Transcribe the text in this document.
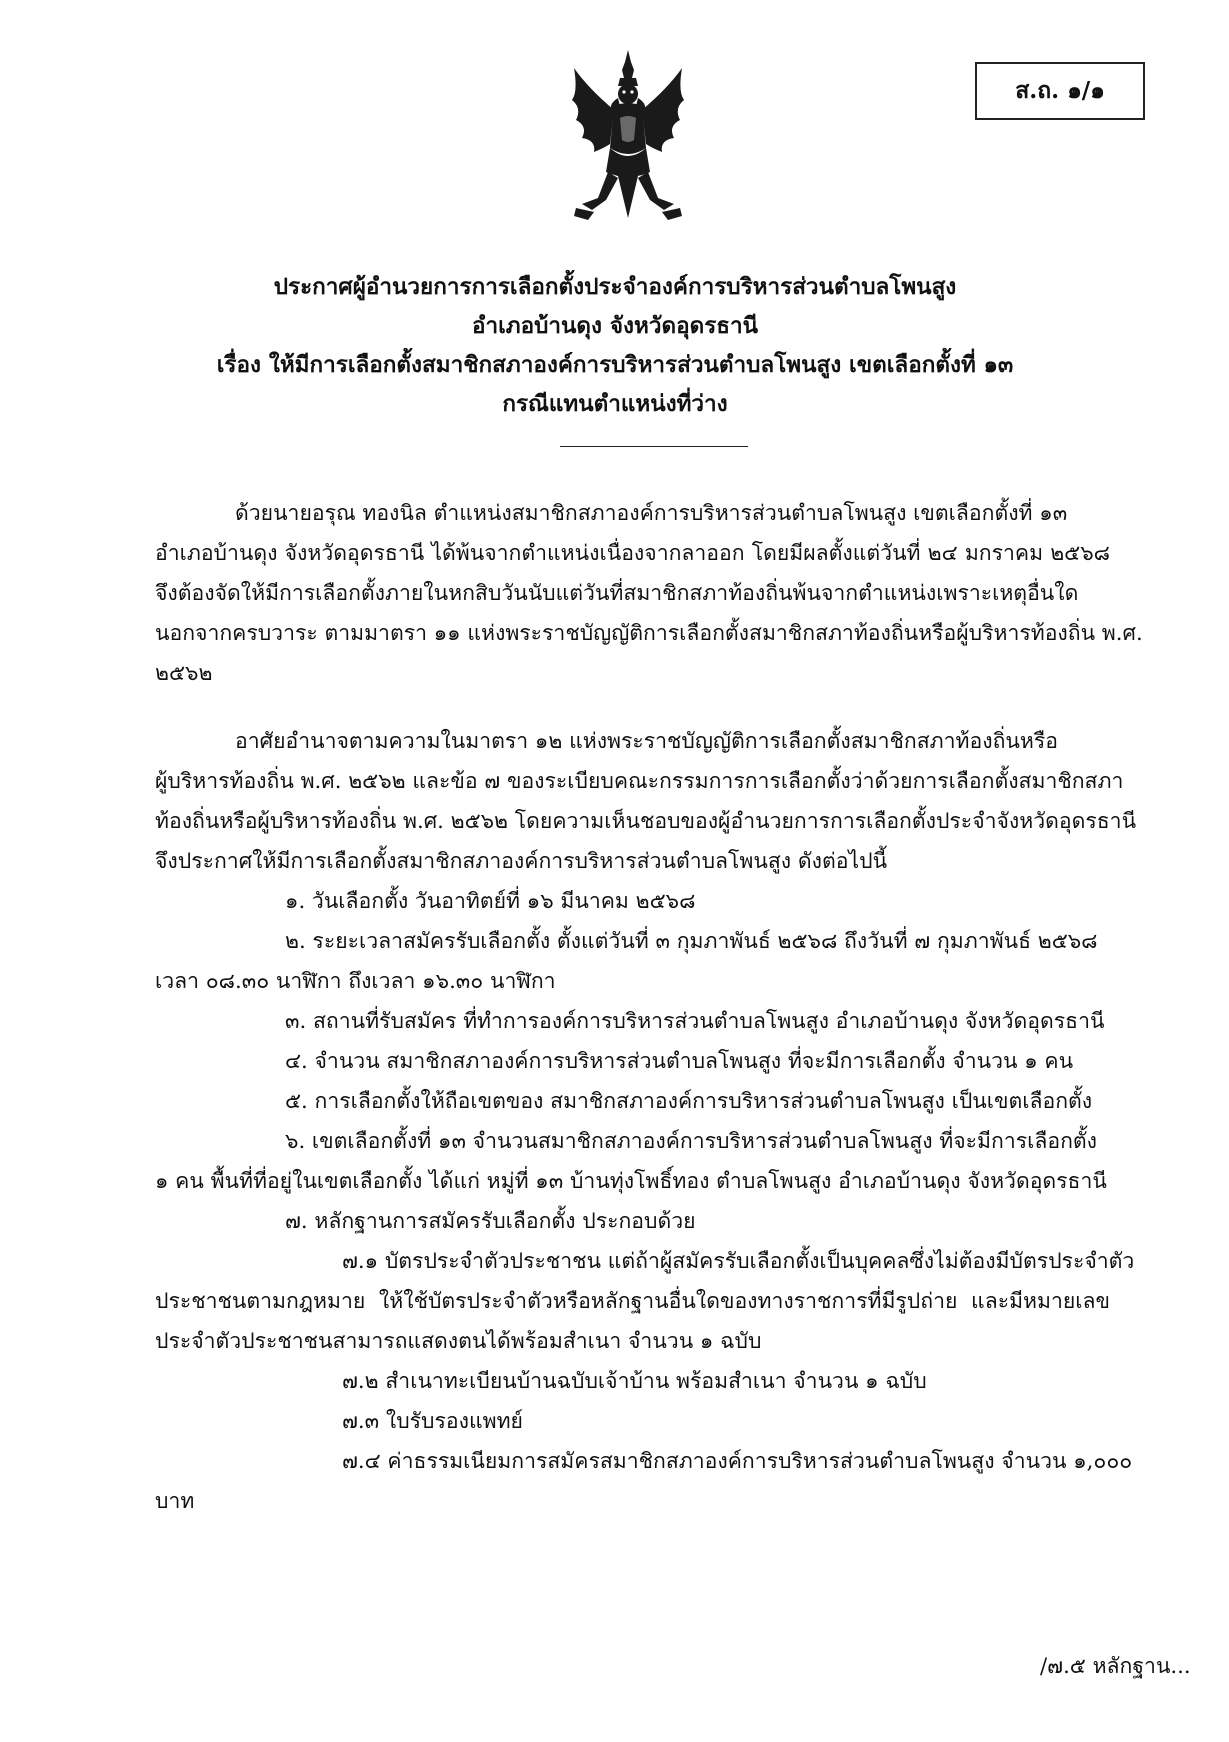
ส.ถ. ๑/๑
ประกาศผู้อำนวยการการเลือกตั้งประจำองค์การบริหารส่วนตำบลโพนสูง
อำเภอบ้านดุง จังหวัดอุดรธานี
เรื่อง ให้มีการเลือกตั้งสมาชิกสภาองค์การบริหารส่วนตำบลโพนสูง เขตเลือกตั้งที่ ๑๓
กรณีแทนตำแหน่งที่ว่าง
ด้วยนายอรุณ ทองนิล ตำแหน่งสมาชิกสภาองค์การบริหารส่วนตำบลโพนสูง เขตเลือกตั้งที่ ๑๓
อำเภอบ้านดุง จังหวัดอุดรธานี ได้พ้นจากตำแหน่งเนื่องจากลาออก โดยมีผลตั้งแต่วันที่ ๒๔ มกราคม ๒๕๖๘
จึงต้องจัดให้มีการเลือกตั้งภายในหกสิบวันนับแต่วันที่สมาชิกสภาท้องถิ่นพ้นจากตำแหน่งเพราะเหตุอื่นใด
นอกจากครบวาระ ตามมาตรา ๑๑ แห่งพระราชบัญญัติการเลือกตั้งสมาชิกสภาท้องถิ่นหรือผู้บริหารท้องถิ่น พ.ศ.
๒๕๖๒
อาศัยอำนาจตามความในมาตรา ๑๒ แห่งพระราชบัญญัติการเลือกตั้งสมาชิกสภาท้องถิ่นหรือ
ผู้บริหารท้องถิ่น พ.ศ. ๒๕๖๒ และข้อ ๗ ของระเบียบคณะกรรมการการเลือกตั้งว่าด้วยการเลือกตั้งสมาชิกสภา
ท้องถิ่นหรือผู้บริหารท้องถิ่น พ.ศ. ๒๕๖๒ โดยความเห็นชอบของผู้อำนวยการการเลือกตั้งประจำจังหวัดอุดรธานี
จึงประกาศให้มีการเลือกตั้งสมาชิกสภาองค์การบริหารส่วนตำบลโพนสูง ดังต่อไปนี้
๑. วันเลือกตั้ง วันอาทิตย์ที่ ๑๖ มีนาคม ๒๕๖๘
๒. ระยะเวลาสมัครรับเลือกตั้ง ตั้งแต่วันที่ ๓ กุมภาพันธ์ ๒๕๖๘ ถึงวันที่ ๗ กุมภาพันธ์ ๒๕๖๘
เวลา ๐๘.๓๐ นาฬิกา ถึงเวลา ๑๖.๓๐ นาฬิกา
๓. สถานที่รับสมัคร ที่ทำการองค์การบริหารส่วนตำบลโพนสูง อำเภอบ้านดุง จังหวัดอุดรธานี
๔. จำนวน สมาชิกสภาองค์การบริหารส่วนตำบลโพนสูง ที่จะมีการเลือกตั้ง จำนวน ๑ คน
๕. การเลือกตั้งให้ถือเขตของ สมาชิกสภาองค์การบริหารส่วนตำบลโพนสูง เป็นเขตเลือกตั้ง
๖. เขตเลือกตั้งที่ ๑๓ จำนวนสมาชิกสภาองค์การบริหารส่วนตำบลโพนสูง ที่จะมีการเลือกตั้ง
๑ คน พื้นที่ที่อยู่ในเขตเลือกตั้ง ได้แก่ หมู่ที่ ๑๓ บ้านทุ่งโพธิ์ทอง ตำบลโพนสูง อำเภอบ้านดุง จังหวัดอุดรธานี
๗. หลักฐานการสมัครรับเลือกตั้ง ประกอบด้วย
๗.๑ บัตรประจำตัวประชาชน แต่ถ้าผู้สมัครรับเลือกตั้งเป็นบุคคลซึ่งไม่ต้องมีบัตรประจำตัว
ประชาชนตามกฎหมาย ให้ใช้บัตรประจำตัวหรือหลักฐานอื่นใดของทางราชการที่มีรูปถ่าย และมีหมายเลข
ประจำตัวประชาชนสามารถแสดงตนได้พร้อมสำเนา จำนวน ๑ ฉบับ
๗.๒ สำเนาทะเบียนบ้านฉบับเจ้าบ้าน พร้อมสำเนา จำนวน ๑ ฉบับ
๗.๓ ใบรับรองแพทย์
๗.๔ ค่าธรรมเนียมการสมัครสมาชิกสภาองค์การบริหารส่วนตำบลโพนสูง จำนวน ๑,๐๐๐
บาท
/๗.๕ หลักฐาน...
